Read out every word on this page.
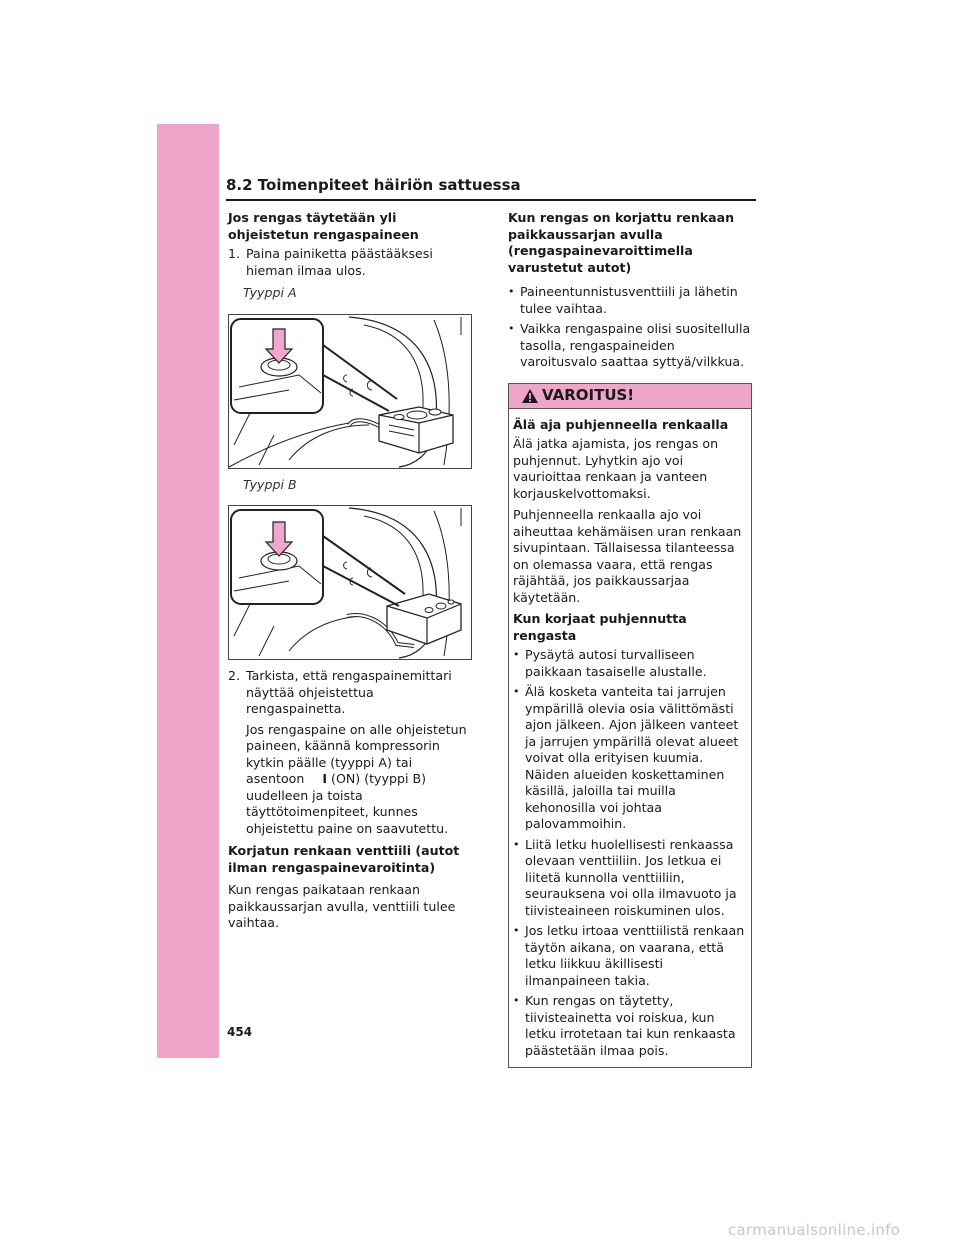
8.2 Toimenpiteet häiriön sattuessa
Jos rengas täytetään yli ohjeistetun rengaspaineen
1. Paina painiketta päästääksesi hieman ilmaa ulos.
Tyyppi A
Tyyppi B
2. Tarkista, että rengaspainemittari näyttää ohjeistettua rengaspainetta.
Jos rengaspaine on alle ohjeistetun paineen, käännä kompressorin kytkin päälle (tyyppi A) tai asentoon I (ON) (tyyppi B) uudelleen ja toista täyttötoimenpiteet, kunnes ohjeistettu paine on saavutettu.
Korjatun renkaan venttiili (autot ilman rengaspainevaroitinta)
Kun rengas paikataan renkaan paikkaussarjan avulla, venttiili tulee vaihtaa.
Kun rengas on korjattu renkaan paikkaussarjan avulla (rengaspainevaroittimella varustetut autot)
• Paineentunnistusventtiili ja lähetin tulee vaihtaa.
• Vaikka rengaspaine olisi suositellulla tasolla, rengaspaineiden varoitusvalo saattaa syttyä/vilkkua.
VAROITUS!
Älä aja puhjenneella renkaalla
Älä jatka ajamista, jos rengas on puhjennut. Lyhytkin ajo voi vaurioittaa renkaan ja vanteen korjauskelvottomaksi.
Puhjenneella renkaalla ajo voi aiheuttaa kehämäisen uran renkaan sivupintaan. Tällaisessa tilanteessa on olemassa vaara, että rengas räjähtää, jos paikkaussarjaa käytetään.
Kun korjaat puhjennutta rengasta
• Pysäytä autosi turvalliseen paikkaan tasaiselle alustalle.
• Älä kosketa vanteita tai jarrujen ympärillä olevia osia välittömästi ajon jälkeen. Ajon jälkeen vanteet ja jarrujen ympärillä olevat alueet voivat olla erityisen kuumia. Näiden alueiden koskettaminen käsillä, jaloilla tai muilla kehonosilla voi johtaa palovammoihin.
• Liitä letku huolellisesti renkaassa olevaan venttiiliin. Jos letkua ei liitetä kunnolla venttiiliin, seurauksena voi olla ilmavuoto ja tiivisteaineen roiskuminen ulos.
• Jos letku irtoaa venttiilistä renkaan täytön aikana, on vaarana, että letku liikkuu äkillisesti ilmanpaineen takia.
• Kun rengas on täytetty, tiivisteainetta voi roiskua, kun letku irrotetaan tai kun renkaasta päästetään ilmaa pois.
454
carmanualsonline.info
